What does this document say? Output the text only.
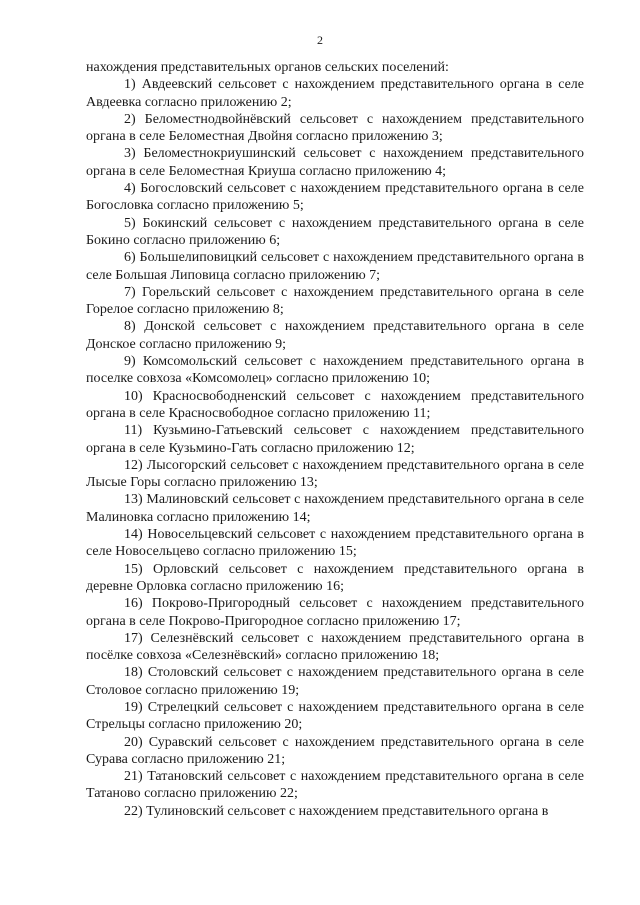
2

нахождения представительных органов сельских поселений:

1) Авдеевский сельсовет с нахождением представительного органа в селе Авдеевка согласно приложению 2;

2) Беломестнодвойнёвский сельсовет с нахождением представительного органа в селе Беломестная Двойня согласно приложению 3;

3) Беломестнокриушинский сельсовет с нахождением представительного органа в селе Беломестная Криуша согласно приложению 4;

4) Богословский сельсовет с нахождением представительного органа в селе Богословка согласно приложению 5;

5) Бокинский сельсовет с нахождением представительного органа в селе Бокино согласно приложению 6;

6) Большелиповицкий сельсовет с нахождением представительного органа в селе Большая Липовица согласно приложению 7;

7) Горельский сельсовет с нахождением представительного органа в селе Горелое согласно приложению 8;

8) Донской сельсовет с нахождением представительного органа в селе Донское согласно приложению 9;

9) Комсомольский сельсовет с нахождением представительного органа в поселке совхоза «Комсомолец» согласно приложению 10;

10) Красносвободненский сельсовет с нахождением представительного органа в селе Красносвободное согласно приложению 11;

11) Кузьмино-Гатьевский сельсовет с нахождением представительного органа в селе Кузьмино-Гать согласно приложению 12;

12) Лысогорский сельсовет с нахождением представительного органа в селе Лысые Горы согласно приложению 13;

13) Малиновский сельсовет с нахождением представительного органа в селе Малиновка согласно приложению 14;

14) Новосельцевский сельсовет с нахождением представительного органа в селе Новосельцево согласно приложению 15;

15) Орловский сельсовет с нахождением представительного органа в деревне Орловка согласно приложению 16;

16) Покрово-Пригородный сельсовет с нахождением представительного органа в селе Покрово-Пригородное согласно приложению 17;

17) Селезнёвский сельсовет с нахождением представительного органа в посёлке совхоза «Селезнёвский» согласно приложению 18;

18) Столовский сельсовет с нахождением представительного органа в селе Столовое согласно приложению 19;

19) Стрелецкий сельсовет с нахождением представительного органа в селе Стрельцы согласно приложению 20;

20) Суравский сельсовет с нахождением представительного органа в селе Сурава согласно приложению 21;

21) Татановский сельсовет с нахождением представительного органа в селе Татаново согласно приложению 22;

22) Тулиновский сельсовет с нахождением представительного органа в
